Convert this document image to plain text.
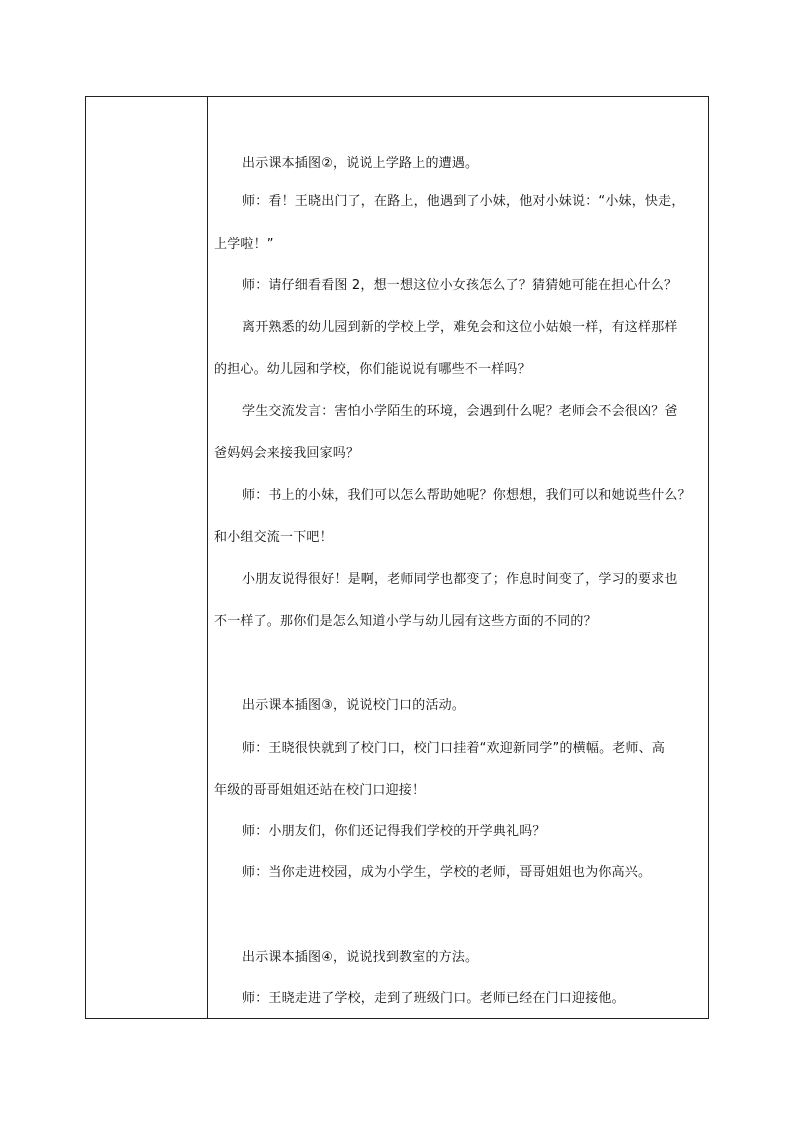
出示课本插图②，说说上学路上的遭遇。
师：看！王晓出门了，在路上，他遇到了小妹，他对小妹说：“小妹，快走，
上学啦！”
师：请仔细看看图 2，想一想这位小女孩怎么了？猜猜她可能在担心什么？
离开熟悉的幼儿园到新的学校上学，难免会和这位小姑娘一样，有这样那样
的担心。幼儿园和学校，你们能说说有哪些不一样吗？
学生交流发言：害怕小学陌生的环境，会遇到什么呢？老师会不会很凶？爸
爸妈妈会来接我回家吗？
师：书上的小妹，我们可以怎么帮助她呢？你想想，我们可以和她说些什么？
和小组交流一下吧！
小朋友说得很好！是啊，老师同学也都变了；作息时间变了，学习的要求也
不一样了。那你们是怎么知道小学与幼儿园有这些方面的不同的？
出示课本插图③，说说校门口的活动。
师：王晓很快就到了校门口，校门口挂着“欢迎新同学”的横幅。老师、高
年级的哥哥姐姐还站在校门口迎接！
师：小朋友们，你们还记得我们学校的开学典礼吗？
师：当你走进校园，成为小学生，学校的老师，哥哥姐姐也为你高兴。
出示课本插图④，说说找到教室的方法。
师：王晓走进了学校，走到了班级门口。老师已经在门口迎接他。
